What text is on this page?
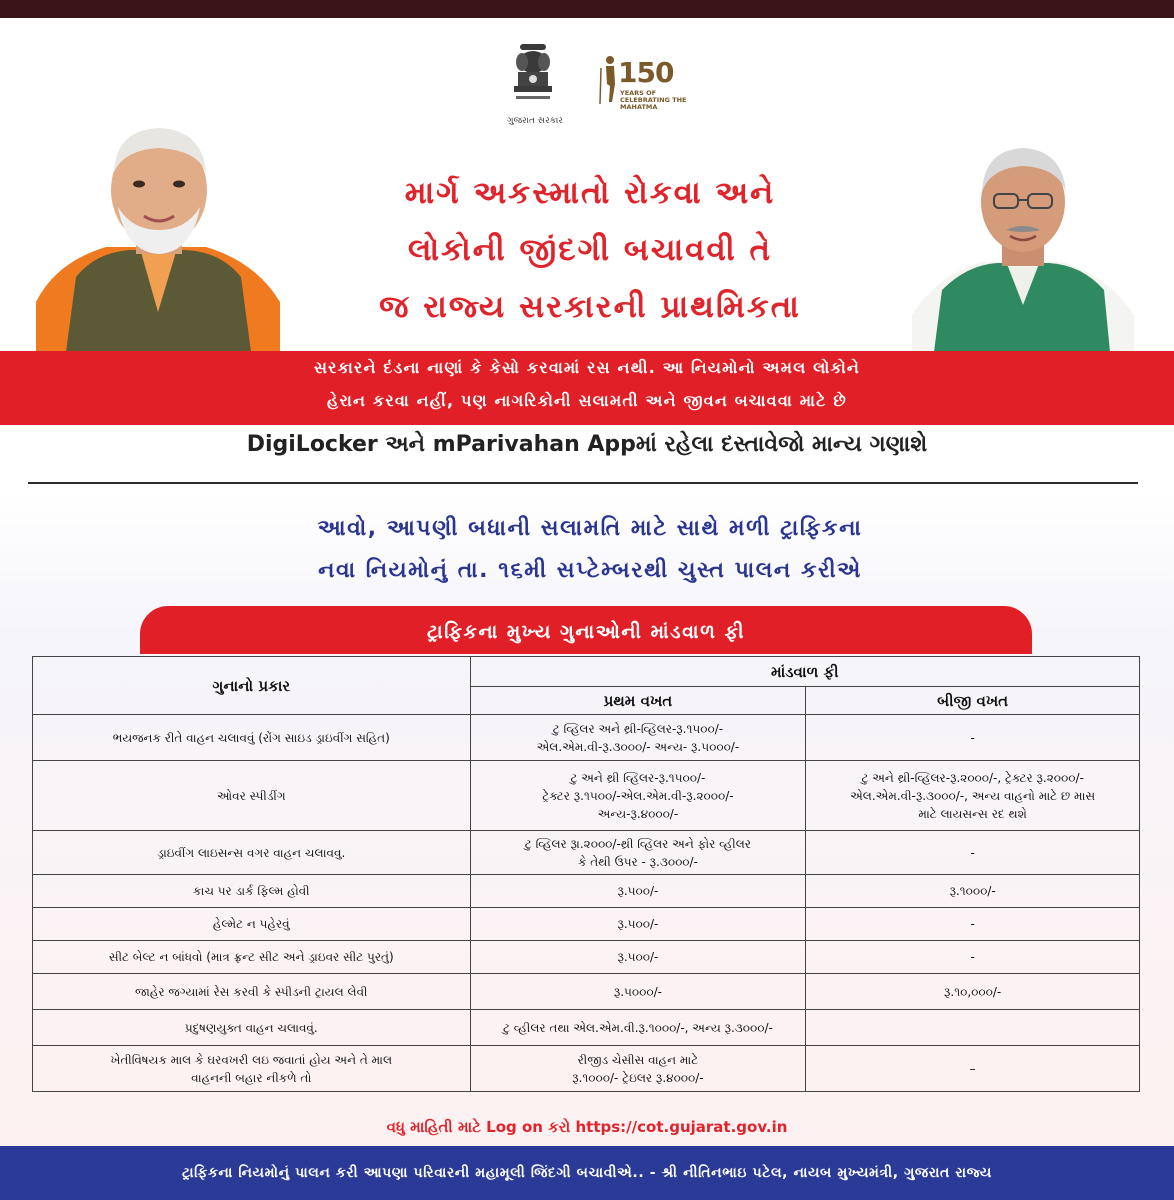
ગુજરાત સરકાર
150
YEARS OF CELEBRATING THE MAHATMA
માર્ગ અકસ્માતો રોકવા અને
લોકોની જીંદગી બચાવવી તે
જ રાજ્ય સરકારની પ્રાથમિકતા
સરકારને દંડના નાણાં કે કેસો કરવામાં રસ નથી. આ નિયમોનો અમલ લોકોને
હેરાન કરવા નહીં, પણ નાગરિકોની સલામતી અને જીવન બચાવવા માટે છે
DigiLocker અને mParivahan Appમાં રહેલા દસ્તાવેજો માન્ય ગણાશે
આવો, આપણી બધાની સલામતિ માટે સાથે મળી ટ્રાફિકના
નવા નિયમોનું તા. ૧૬મી સપ્ટેમ્બરથી ચુસ્ત પાલન કરીએ
ટ્રાફિકના મુખ્ય ગુનાઓની માંડવાળ ફી
ગુનાનો પ્રકાર	માંડવાળ ફી	
	પ્રથમ વખત	બીજી વખત
ભયજનક રીતે વાહન ચલાવવું (રોંગ સાઇડ ડ્રાઇવીંગ સહિત)	ટુ વ્હિલર અને થ્રી-વ્હિલર-રૂ.૧૫૦૦/-
એલ.એમ.વી-રૂ.૩૦૦૦/- અન્ય- રૂ.૫૦૦૦/-	-
ઓવર સ્પીડીંગ	ટુ અને થ્રી વ્હિલર-રૂ.૧૫૦૦/-
ટ્રેક્ટર રૂ.૧૫૦૦/-એલ.એમ.વી-રૂ.૨૦૦૦/-
અન્ય-રૂ.૪૦૦૦/-	ટુ અને થ્રી-વ્હિલર-રૂ.૨૦૦૦/-, ટ્રેક્ટર રૂ.૨૦૦૦/-
એલ.એમ.વી-રૂ.૩૦૦૦/-, અન્ય વાહનો માટે છ માસ
માટે લાયસન્સ રદ થશે
ડ્રાઇવીંગ લાઇસન્સ વગર વાહન ચલાવવુ.	ટુ વ્હિલર રૂા.૨૦૦૦/-થ્રી વ્હિલર અને ફોર વ્હીલર
કે તેથી ઉપર - રૂ.૩૦૦૦/-	-
કાચ પર ડાર્ક ફિલ્મ હોવી	રૂ.૫૦૦/-	રૂ.૧૦૦૦/-
હેલ્મેટ ન પહેરવું	રૂ.૫૦૦/-	-
સીટ બેલ્ટ ન બાંધવો (માત્ર ફ્રન્ટ સીટ અને ડ્રાઇવર સીટ પુરતું)	રૂ.૫૦૦/-	-
જાહેર જગ્યામાં રેસ કરવી કે સ્પીડની ટ્રાયલ લેવી	રૂ.૫૦૦૦/-	રૂ.૧૦,૦૦૦/-
પ્રદુષણયુક્ત વાહન ચલાવવું.	ટુ વ્હીલર તથા એલ.એમ.વી.રૂ.૧૦૦૦/-, અન્ય રૂ.૩૦૦૦/-	
ખેતીવિષયક માલ કે ઘરવખરી લઇ જવાતાં હોય અને તે માલ
વાહનની બહાર નીકળે તો	રીજીડ ચેસીસ વાહન માટે
રૂ.૧૦૦૦/- ટ્રેઇલર રૂ.૪૦૦૦/-	–
વધુ માહિતી માટે Log on કરો https://cot.gujarat.gov.in
ટ્રાફિકના નિયમોનું પાલન કરી આપણા પરિવારની મહામૂલી જિંદગી બચાવીએ.. - શ્રી નીતિનભાઇ પટેલ, નાયબ મુખ્યમંત્રી, ગુજરાત રાજ્ય
